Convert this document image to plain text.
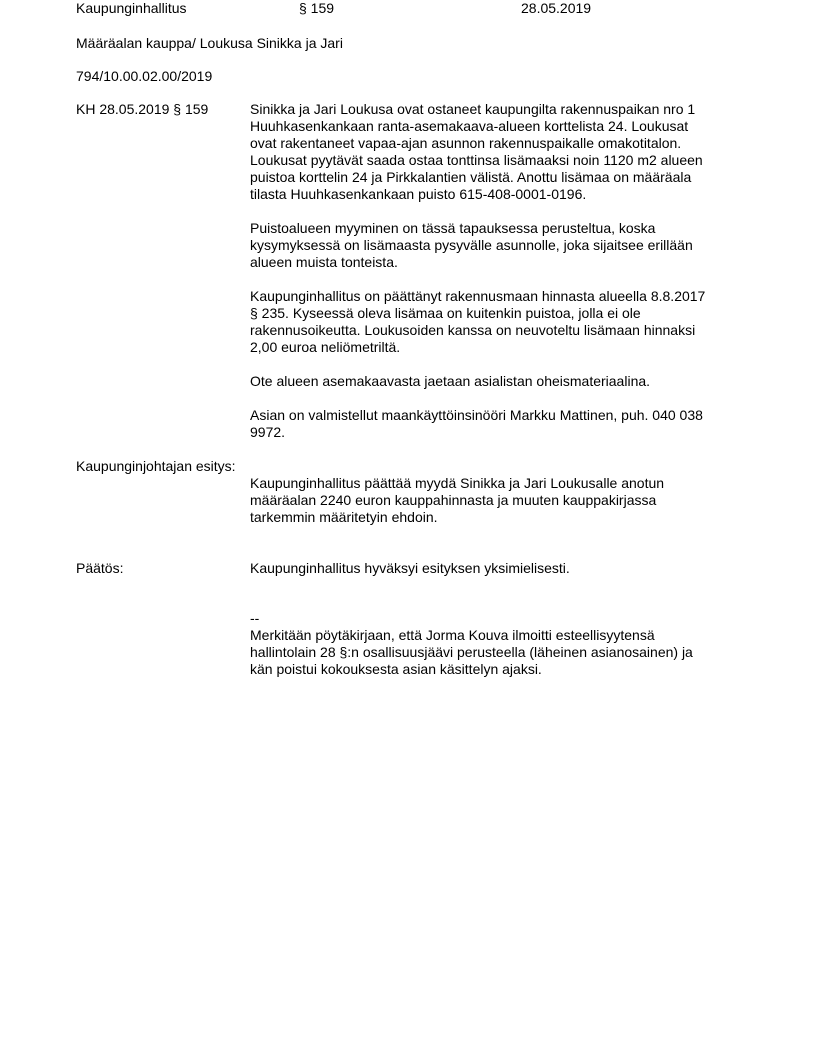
Kaupunginhallitus	§ 159	28.05.2019
Määräalan kauppa/ Loukusa Sinikka ja Jari
794/10.00.02.00/2019
KH 28.05.2019 § 159	Sinikka ja Jari Loukusa ovat ostaneet kaupungilta rakennuspaikan nro 1
Huuhkasenkankaan ranta-asemakaava-alueen korttelista 24. Loukusat
ovat rakentaneet vapaa-ajan asunnon rakennuspaikalle omakotitalon.
Loukusat pyytävät saada ostaa tonttinsa lisämaaksi noin 1120 m2 alueen
puistoa korttelin 24 ja Pirkkalantien välistä. Anottu lisämaa on määräala
tilasta Huuhkasenkankaan puisto 615-408-0001-0196.
Puistoalueen myyminen on tässä tapauksessa perusteltua, koska
kysymyksessä on lisämaasta pysyvälle asunnolle, joka sijaitsee erillään
alueen muista tonteista.
Kaupunginhallitus on päättänyt rakennusmaan hinnasta alueella 8.8.2017
§ 235. Kyseessä oleva lisämaa on kuitenkin puistoa, jolla ei ole
rakennusoikeutta. Loukusoiden kanssa on neuvoteltu lisämaan hinnaksi
2,00 euroa neliömetriltä.
Ote alueen asemakaavasta jaetaan asialistan oheismateriaalina.
Asian on valmistellut maankäyttöinsinööri Markku Mattinen, puh. 040 038
9972.
Kaupunginjohtajan esitys:
Kaupunginhallitus päättää myydä Sinikka ja Jari Loukusalle anotun
määräalan 2240 euron kauppahinnasta ja muuten kauppakirjassa
tarkemmin määritetyin ehdoin.
Päätös:	Kaupunginhallitus hyväksyi esityksen yksimielisesti.
--
Merkitään pöytäkirjaan, että Jorma Kouva ilmoitti esteellisyytensä
hallintolain 28 §:n osallisuusjäävi perusteella (läheinen asianosainen) ja
kän poistui kokouksesta asian käsittelyn ajaksi.
